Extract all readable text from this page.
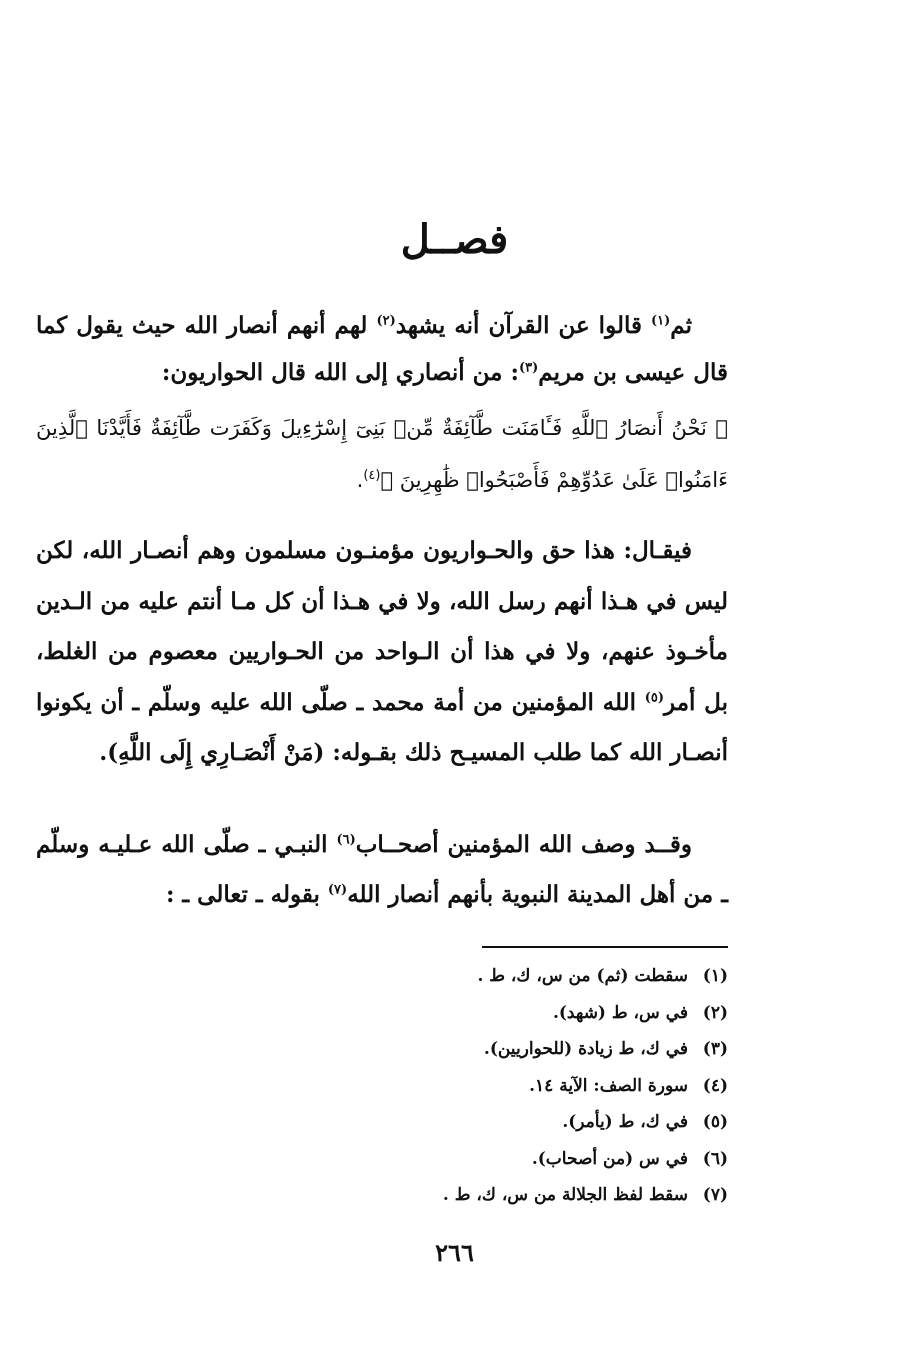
فصــل

ثم$^{(١)}$ قالوا عن القرآن أنه يشهد$^{(٢)}$ لهم أنهم أنصار الله حيث يقول كما قال عيسى بن مريم$^{(٣)}$: من أنصاري إلى الله قال الحواريون:

﴿ نَحْنُ أَنصَارُ ٱللَّهِ فَـَٔامَنَت طَّآئِفَةٌ مِّنۢ بَنِىٓ إِسْرَٰٓءِيلَ وَكَفَرَت طَّآئِفَةٌ فَأَيَّدْنَا ٱلَّذِينَ ءَامَنُوا۟ عَلَىٰ عَدُوِّهِمْ فَأَصْبَحُوا۟ ظَٰهِرِينَ ﴾$^{(٤)}$.

فيقـال: هذا حق والحـواريون مؤمنـون مسلمون وهم أنصـار الله، لكن ليس في هـذا أنهم رسل الله، ولا في هـذا أن كل مـا أنتم عليه من الـدين مأخـوذ عنهم، ولا في هذا أن الـواحد من الحـواريين معصوم من الغلط، بل أمر$^{(٥)}$ الله المؤمنين من أمة محمد ـ صلّى الله عليه وسلّم ـ أن يكونوا أنصـار الله كما طلب المسيـح ذلك بقـوله: (مَنْ أَنْصَـارِي إِلَى اللَّهِ).

وقــد وصف الله المؤمنين أصحــاب$^{(٦)}$ النبـي ـ صلّى الله عـليـه وسلّم ـ من أهل المدينة النبوية بأنهم أنصار الله$^{(٧)}$ بقوله ـ تعالى ـ :

(١)سقطت (ثم) من س، ك، ط .
(٢)في س، ط (شهد).
(٣)في ك، ط زيادة (للحواريين).
(٤)سورة الصف: الآية ١٤.
(٥)في ك، ط (يأمر).
(٦)في س (من أصحاب).
(٧)سقط لفظ الجلالة من س، ك، ط .
٢٦٦
